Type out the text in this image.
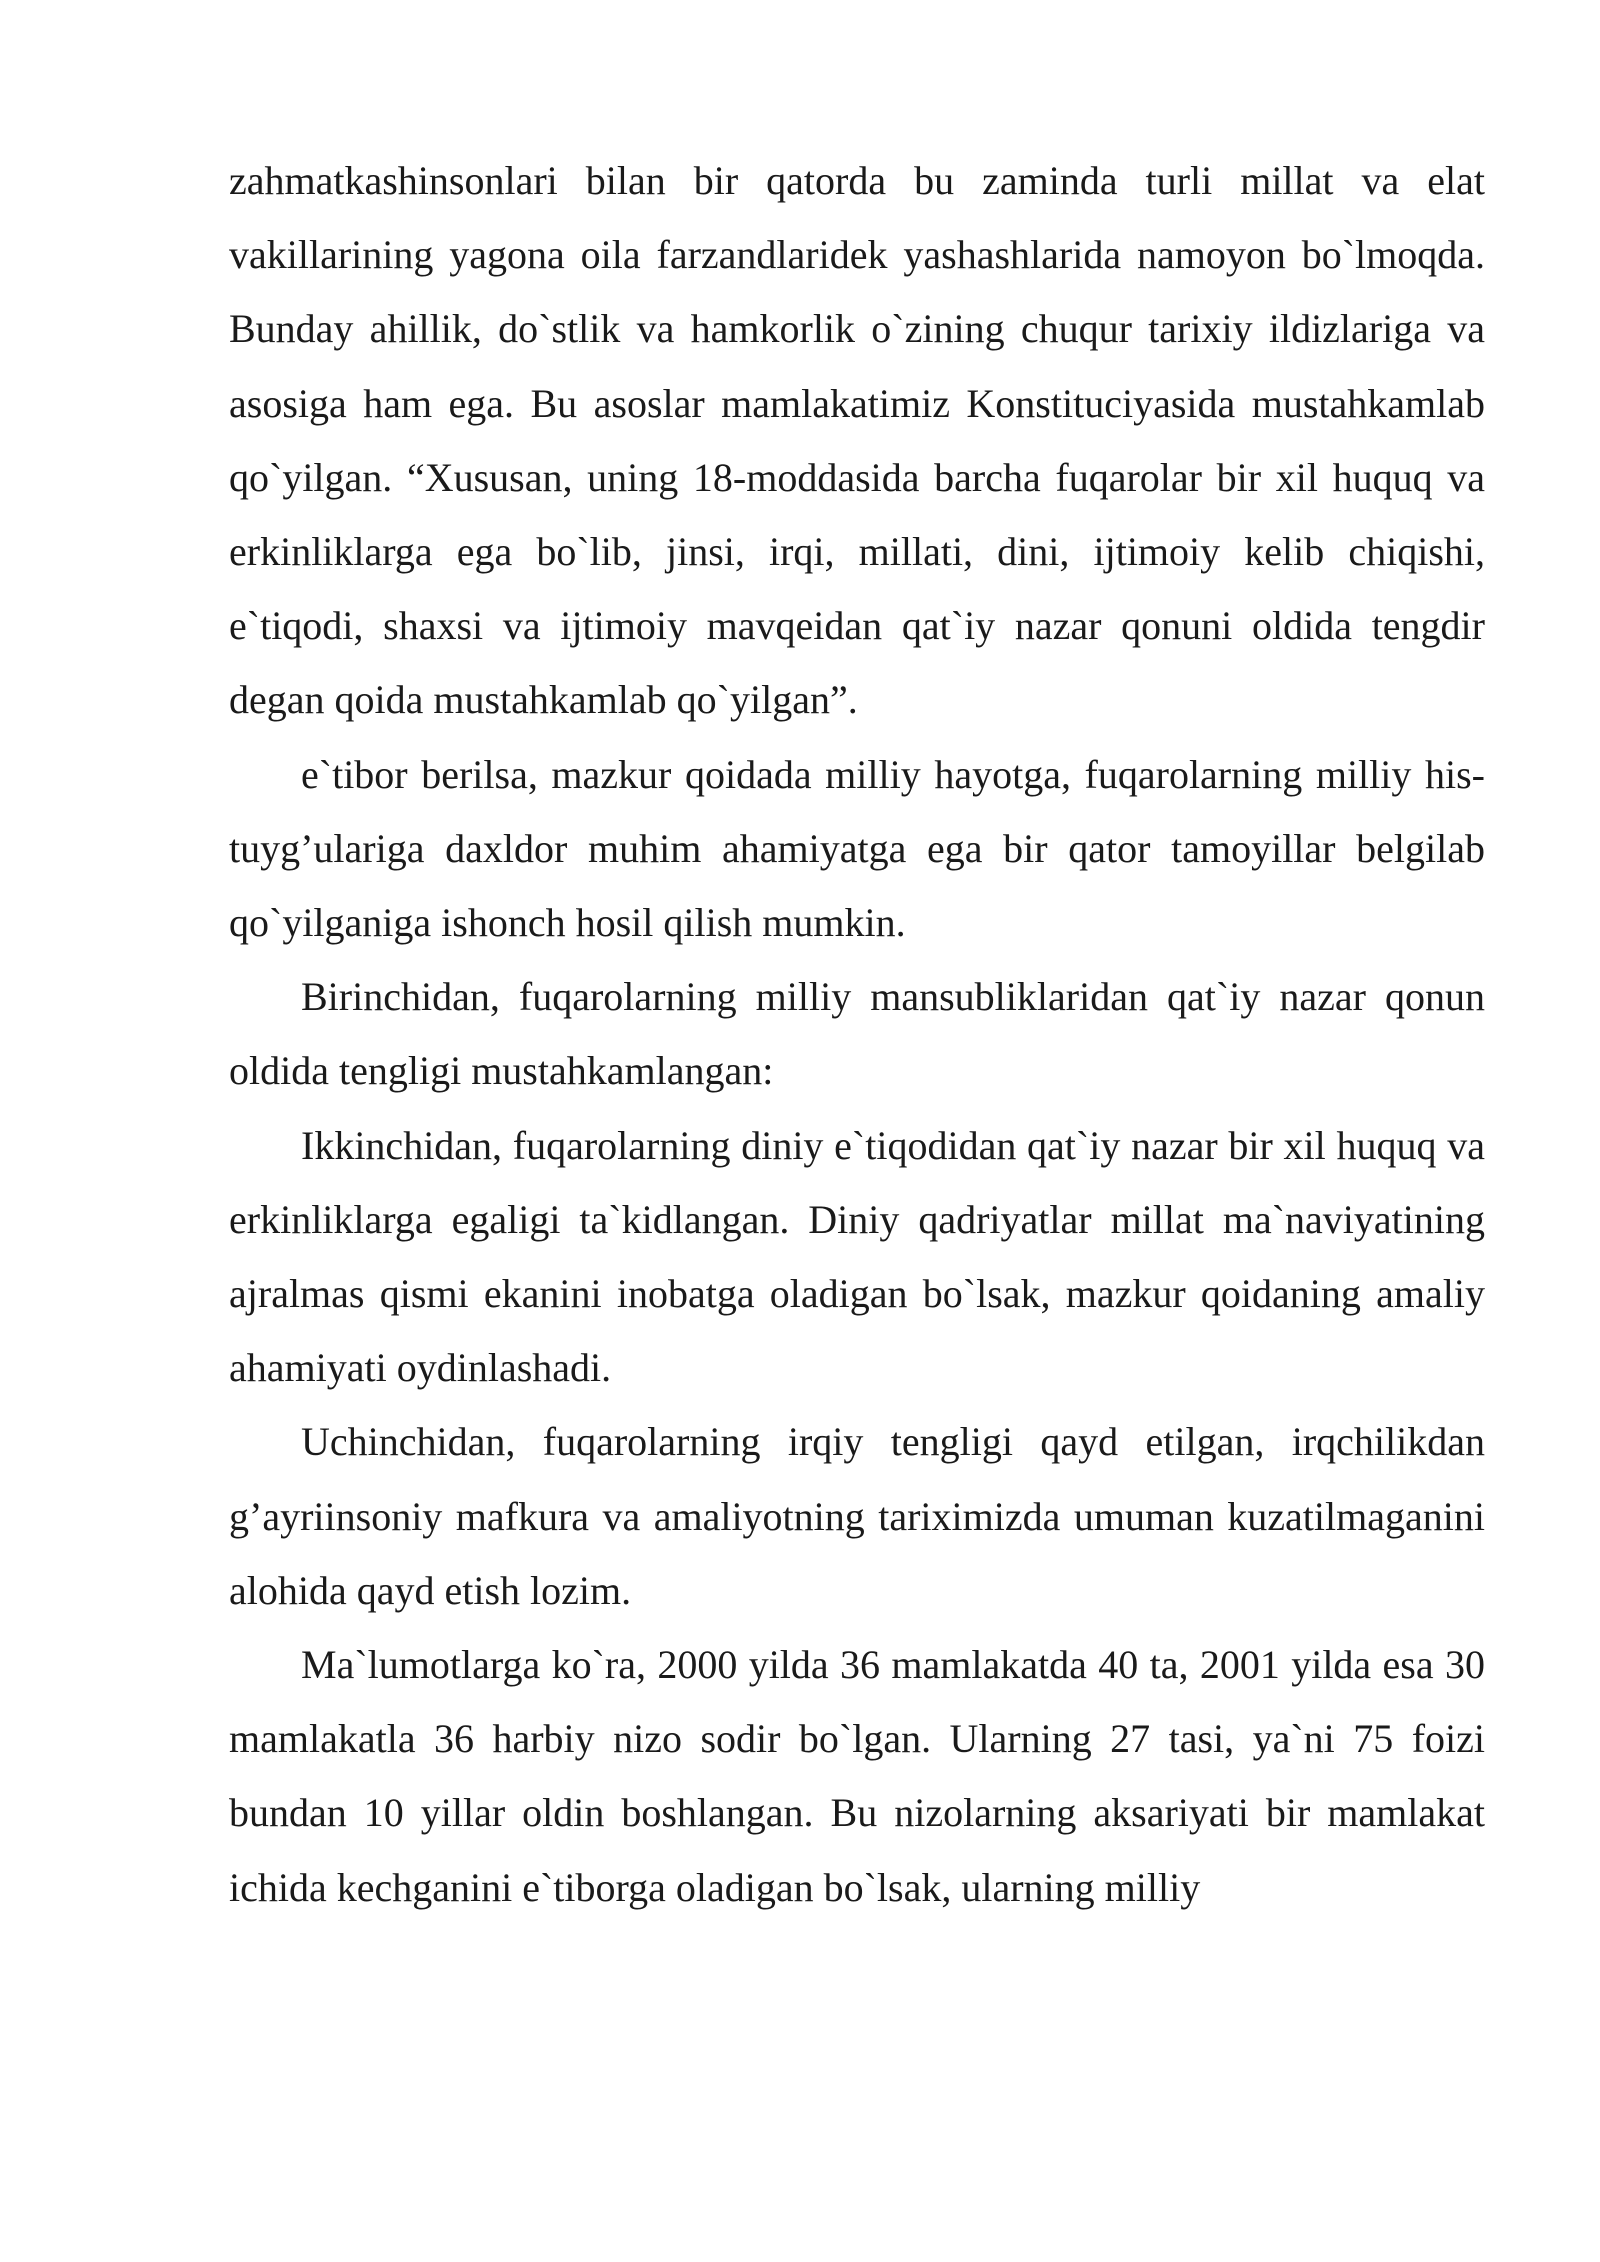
zahmatkashinsonlari bilan bir qatorda bu zaminda turli millat va elat vakillarining yagona oila farzandlaridek yashashlarida namoyon bo`lmoqda. Bunday ahillik, do`stlik va hamkorlik o`zining chuqur tarixiy ildizlariga va asosiga ham ega. Bu asoslar mamlakatimiz Konstituciyasida mustahkamlab qo`yilgan. “Xususan, uning 18-moddasida barcha fuqarolar bir xil huquq va erkinliklarga ega bo`lib, jinsi, irqi, millati, dini, ijtimoiy kelib chiqishi, e`tiqodi, shaxsi va ijtimoiy mavqeidan qat`iy nazar qonuni oldida tengdir degan qoida mustahkamlab qo`yilgan”.

e`tibor berilsa, mazkur qoidada milliy hayotga, fuqarolarning milliy his-tuyg’ulariga daxldor muhim ahamiyatga ega bir qator tamoyillar belgilab qo`yilganiga ishonch hosil qilish mumkin.

Birinchidan, fuqarolarning milliy mansubliklaridan qat`iy nazar qonun oldida tengligi mustahkamlangan:

Ikkinchidan, fuqarolarning diniy e`tiqodidan qat`iy nazar bir xil huquq va erkinliklarga egaligi ta`kidlangan. Diniy qadriyatlar millat ma`naviyatining ajralmas qismi ekanini inobatga oladigan bo`lsak, mazkur qoidaning amaliy ahamiyati oydinlashadi.

Uchinchidan, fuqarolarning irqiy tengligi qayd etilgan, irqchilikdan g’ayriinsoniy mafkura va amaliyotning tariximizda umuman kuzatilmaganini alohida qayd etish lozim.

Ma`lumotlarga ko`ra, 2000 yilda 36 mamlakatda 40 ta, 2001 yilda esa 30 mamlakatla 36 harbiy nizo sodir bo`lgan. Ularning 27 tasi, ya`ni 75 foizi bundan 10 yillar oldin boshlangan. Bu nizolarning aksariyati bir mamlakat ichida kechganini e`tiborga oladigan bo`lsak, ularning milliy
